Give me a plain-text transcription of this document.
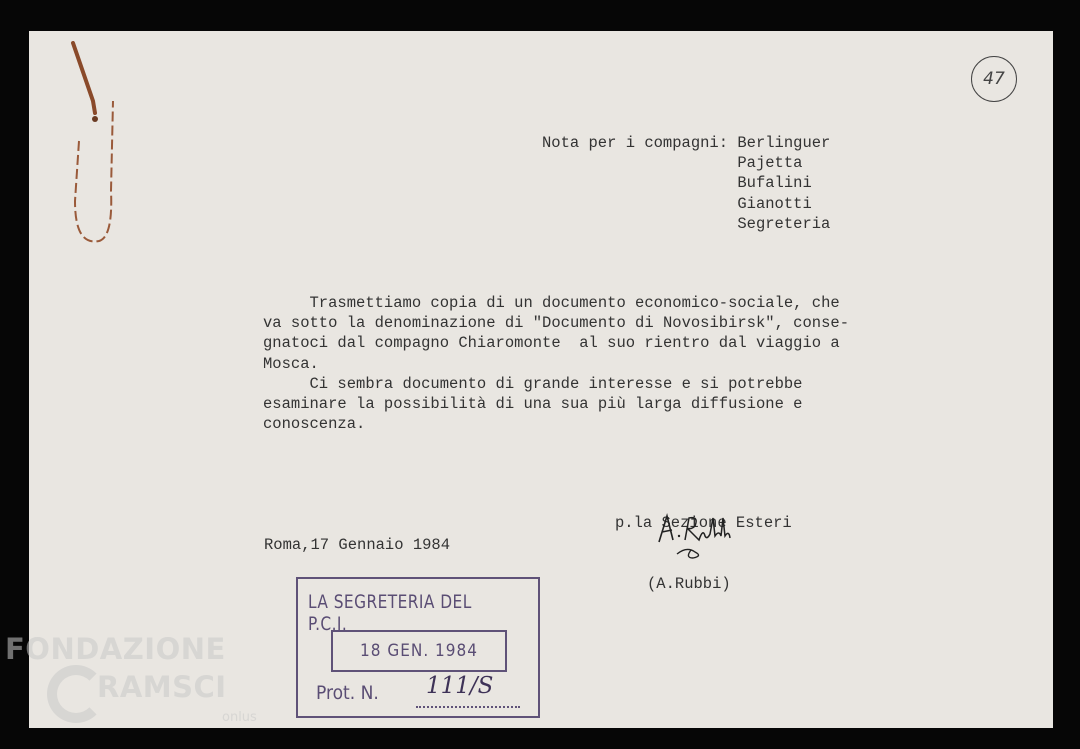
47
Nota per i compagni: Berlinguer
Pajetta
Bufalini
Gianotti
Segreteria

Trasmettiamo copia di un documento economico-sociale, che

va sotto la denominazione di "Documento di Novosibirsk", conse-

gnatoci dal compagno Chiaromonte  al suo rientro dal viaggio a

Mosca.

Ci sembra documento di grande interesse e si potrebbe

esaminare la possibilità di una sua più larga diffusione e

conoscenza.

p.la Sezione Esteri

(A.Rubbi)

Roma,17 Gennaio 1984
LA SEGRETERIA DEL P.C.I.
18 GEN. 1984
Prot. N. 111/S
FONDAZIONE
RAMSCI
onlus
